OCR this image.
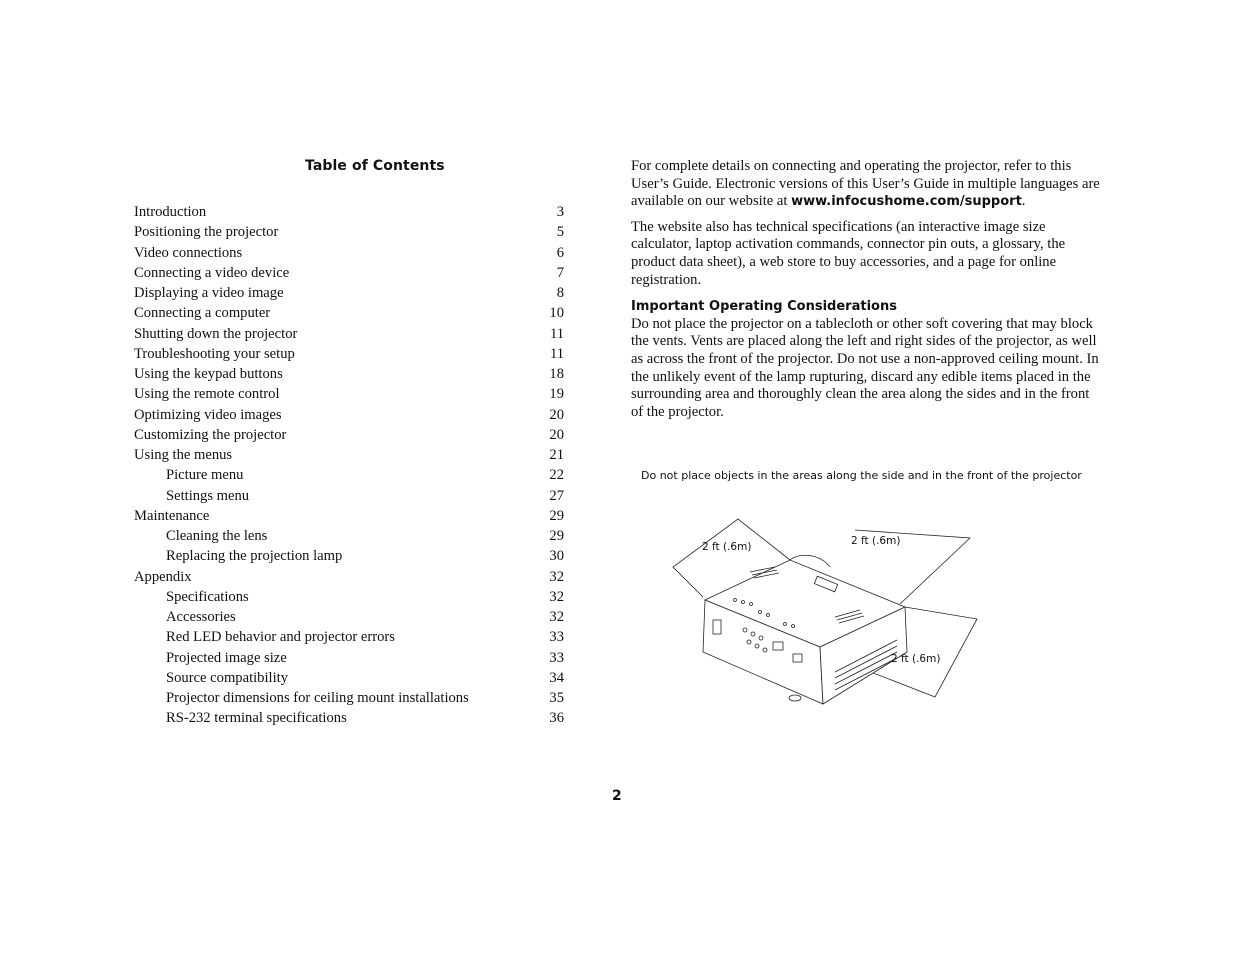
Table of Contents
Introduction	3
Positioning the projector	5
Video connections	6
Connecting a video device	7
Displaying a video image	8
Connecting a computer	10
Shutting down the projector	11
Troubleshooting your setup	11
Using the keypad buttons	18
Using the remote control	19
Optimizing video images	20
Customizing the projector	20
Using the menus	21
Picture menu	22
Settings menu	27
Maintenance	29
Cleaning the lens	29
Replacing the projection lamp	30
Appendix	32
Specifications	32
Accessories	32
Red LED behavior and projector errors	33
Projected image size	33
Source compatibility	34
Projector dimensions for ceiling mount installations	35
RS-232 terminal specifications	36

For complete details on connecting and operating the projector, refer to this User’s Guide. Electronic versions of this User’s Guide in multiple languages are available on our website at www.infocushome.com/support.

The website also has technical specifications (an interactive image size calculator, laptop activation commands, connector pin outs, a glossary, the product data sheet), a web store to buy accessories, and a page for online registration.

Important Operating Considerations

Do not place the projector on a tablecloth or other soft covering that may block the vents. Vents are placed along the left and right sides of the projector, as well as across the front of the projector. Do not use a non-approved ceiling mount. In the unlikely event of the lamp rupturing, discard any edible items placed in the surrounding area and thoroughly clean the area along the sides and in the front of the projector.

Do not place objects in the areas along the side and in the front of the projector
2 ft (.6m)	2 ft (.6m)
2 ft (.6m)
2
